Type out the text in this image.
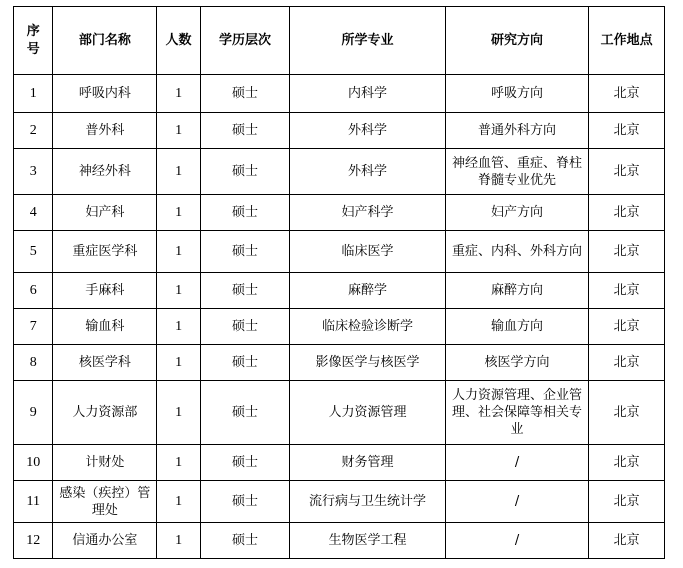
序号	部门名称	人数	学历层次	所学专业	研究方向	工作地点
1	呼吸内科	1	硕士	内科学	呼吸方向	北京
2	普外科	1	硕士	外科学	普通外科方向	北京
3	神经外科	1	硕士	外科学	神经血管、重症、脊柱脊髓专业优先	北京
4	妇产科	1	硕士	妇产科学	妇产方向	北京
5	重症医学科	1	硕士	临床医学	重症、内科、外科方向	北京
6	手麻科	1	硕士	麻醉学	麻醉方向	北京
7	输血科	1	硕士	临床检验诊断学	输血方向	北京
8	核医学科	1	硕士	影像医学与核医学	核医学方向	北京
9	人力资源部	1	硕士	人力资源管理	人力资源管理、企业管理、社会保障等相关专业	北京
10	计财处	1	硕士	财务管理	/	北京
11	感染（疾控）管理处	1	硕士	流行病与卫生统计学	/	北京
12	信通办公室	1	硕士	生物医学工程	/	北京
